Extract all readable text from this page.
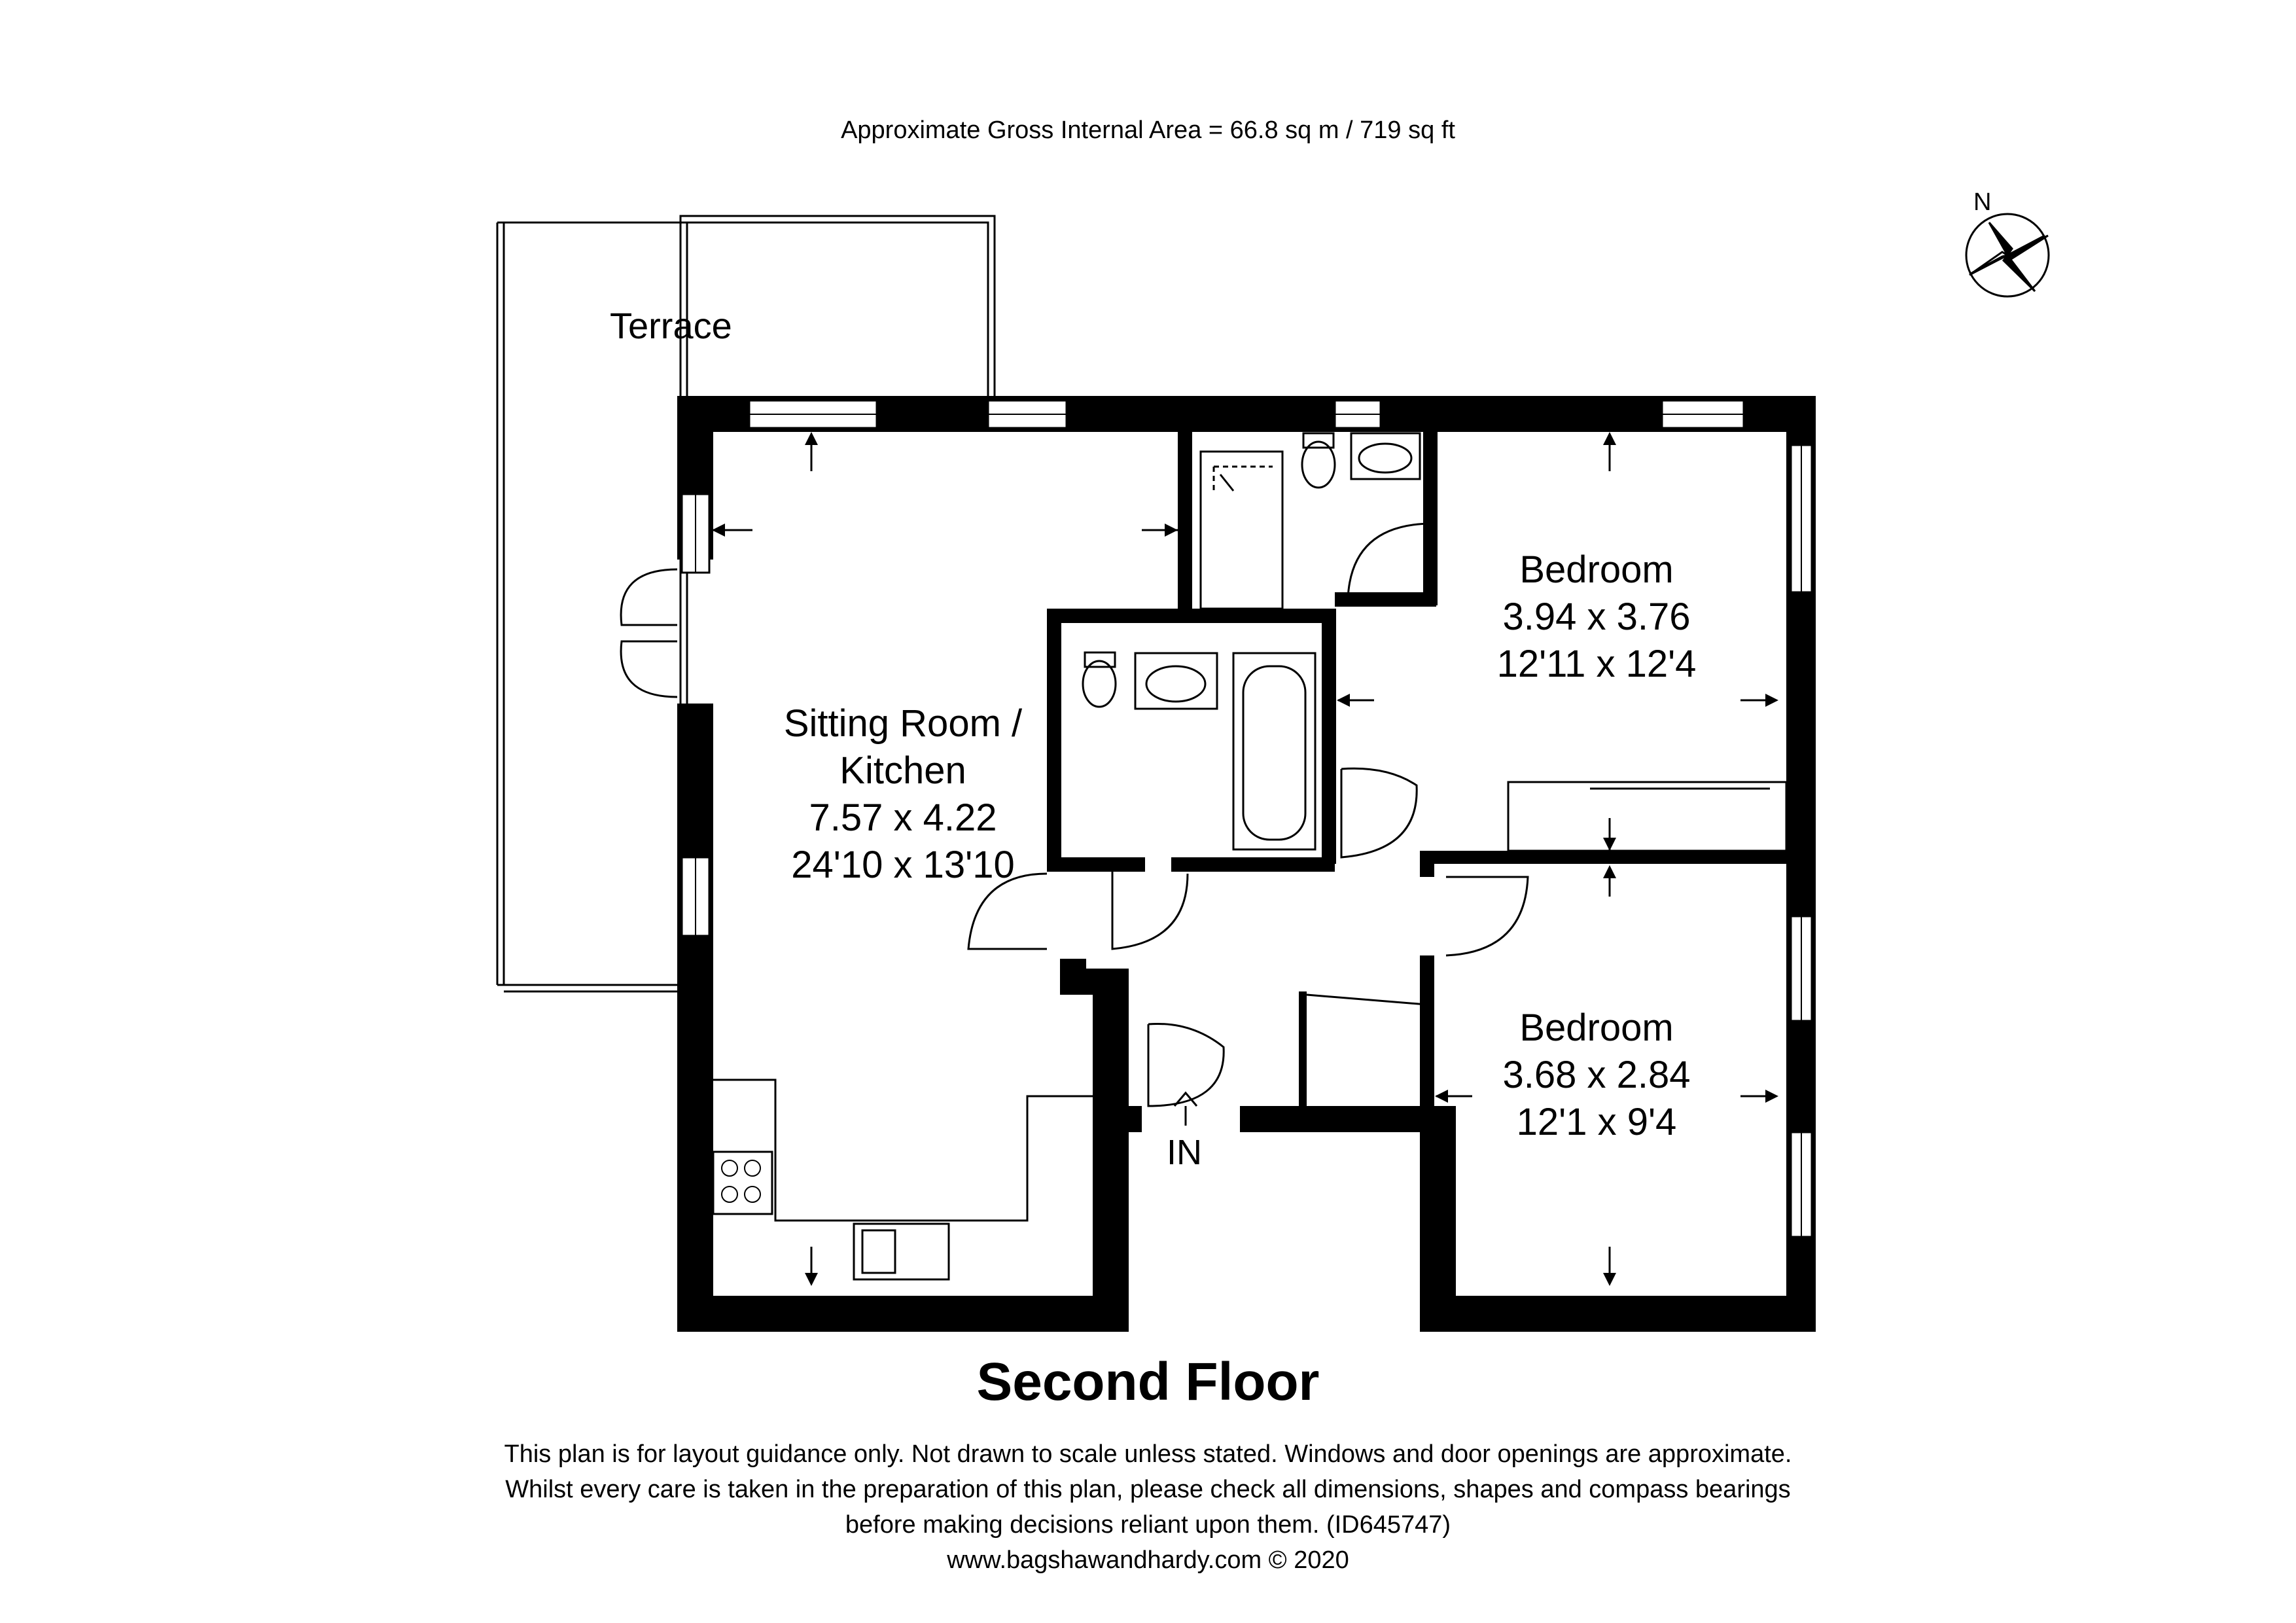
Approximate Gross Internal Area = 66.8 sq m / 719 sq ft
N
Terrace
Sitting Room /
Kitchen
7.57 x 4.22
24'10 x 13'10
Bedroom
3.94 x 3.76
12'11 x 12'4
Bedroom
3.68 x 2.84
12'1 x 9'4
IN
Second Floor
This plan is for layout guidance only. Not drawn to scale unless stated. Windows and door openings are approximate.
Whilst every care is taken in the preparation of this plan, please check all dimensions, shapes and compass bearings
before making decisions reliant upon them. (ID645747)
www.bagshawandhardy.com © 2020
